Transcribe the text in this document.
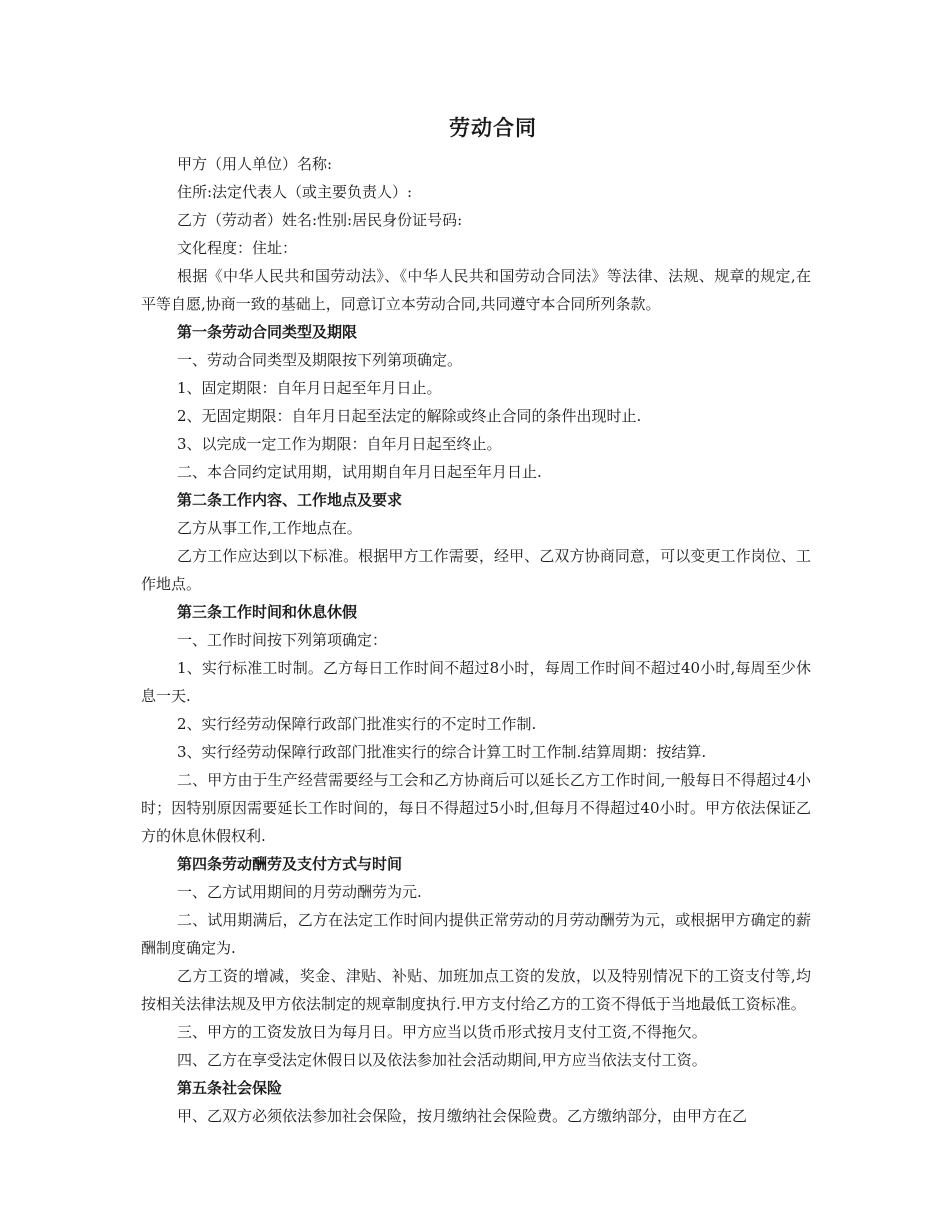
劳动合同

甲方（用人单位）名称:

住所:法定代表人（或主要负责人）:

乙方（劳动者）姓名:性别:居民身份证号码:

文化程度：住址：

根据《中华人民共和国劳动法》、《中华人民共和国劳动合同法》等法律、法规、规章的规定,在平等自愿,协商一致的基础上，同意订立本劳动合同,共同遵守本合同所列条款。

第一条劳动合同类型及期限

一、劳动合同类型及期限按下列第项确定。

1、固定期限：自年月日起至年月日止。

2、无固定期限：自年月日起至法定的解除或终止合同的条件出现时止.

3、以完成一定工作为期限：自年月日起至终止。

二、本合同约定试用期，试用期自年月日起至年月日止.

第二条工作内容、工作地点及要求

乙方从事工作,工作地点在。

乙方工作应达到以下标准。根据甲方工作需要，经甲、乙双方协商同意，可以变更工作岗位、工作地点。

第三条工作时间和休息休假

一、工作时间按下列第项确定：

1、实行标准工时制。乙方每日工作时间不超过8小时，每周工作时间不超过40小时,每周至少休息一天.

2、实行经劳动保障行政部门批准实行的不定时工作制.

3、实行经劳动保障行政部门批准实行的综合计算工时工作制.结算周期：按结算.

二、甲方由于生产经营需要经与工会和乙方协商后可以延长乙方工作时间,一般每日不得超过4小时；因特别原因需要延长工作时间的，每日不得超过5小时,但每月不得超过40小时。甲方依法保证乙方的休息休假权利.

第四条劳动酬劳及支付方式与时间

一、乙方试用期间的月劳动酬劳为元.

二、试用期满后，乙方在法定工作时间内提供正常劳动的月劳动酬劳为元，或根据甲方确定的薪酬制度确定为.

乙方工资的增减，奖金、津贴、补贴、加班加点工资的发放，以及特别情况下的工资支付等,均按相关法律法规及甲方依法制定的规章制度执行.甲方支付给乙方的工资不得低于当地最低工资标准。

三、甲方的工资发放日为每月日。甲方应当以货币形式按月支付工资,不得拖欠。

四、乙方在享受法定休假日以及依法参加社会活动期间,甲方应当依法支付工资。

第五条社会保险

甲、乙双方必须依法参加社会保险，按月缴纳社会保险费。乙方缴纳部分，由甲方在乙
